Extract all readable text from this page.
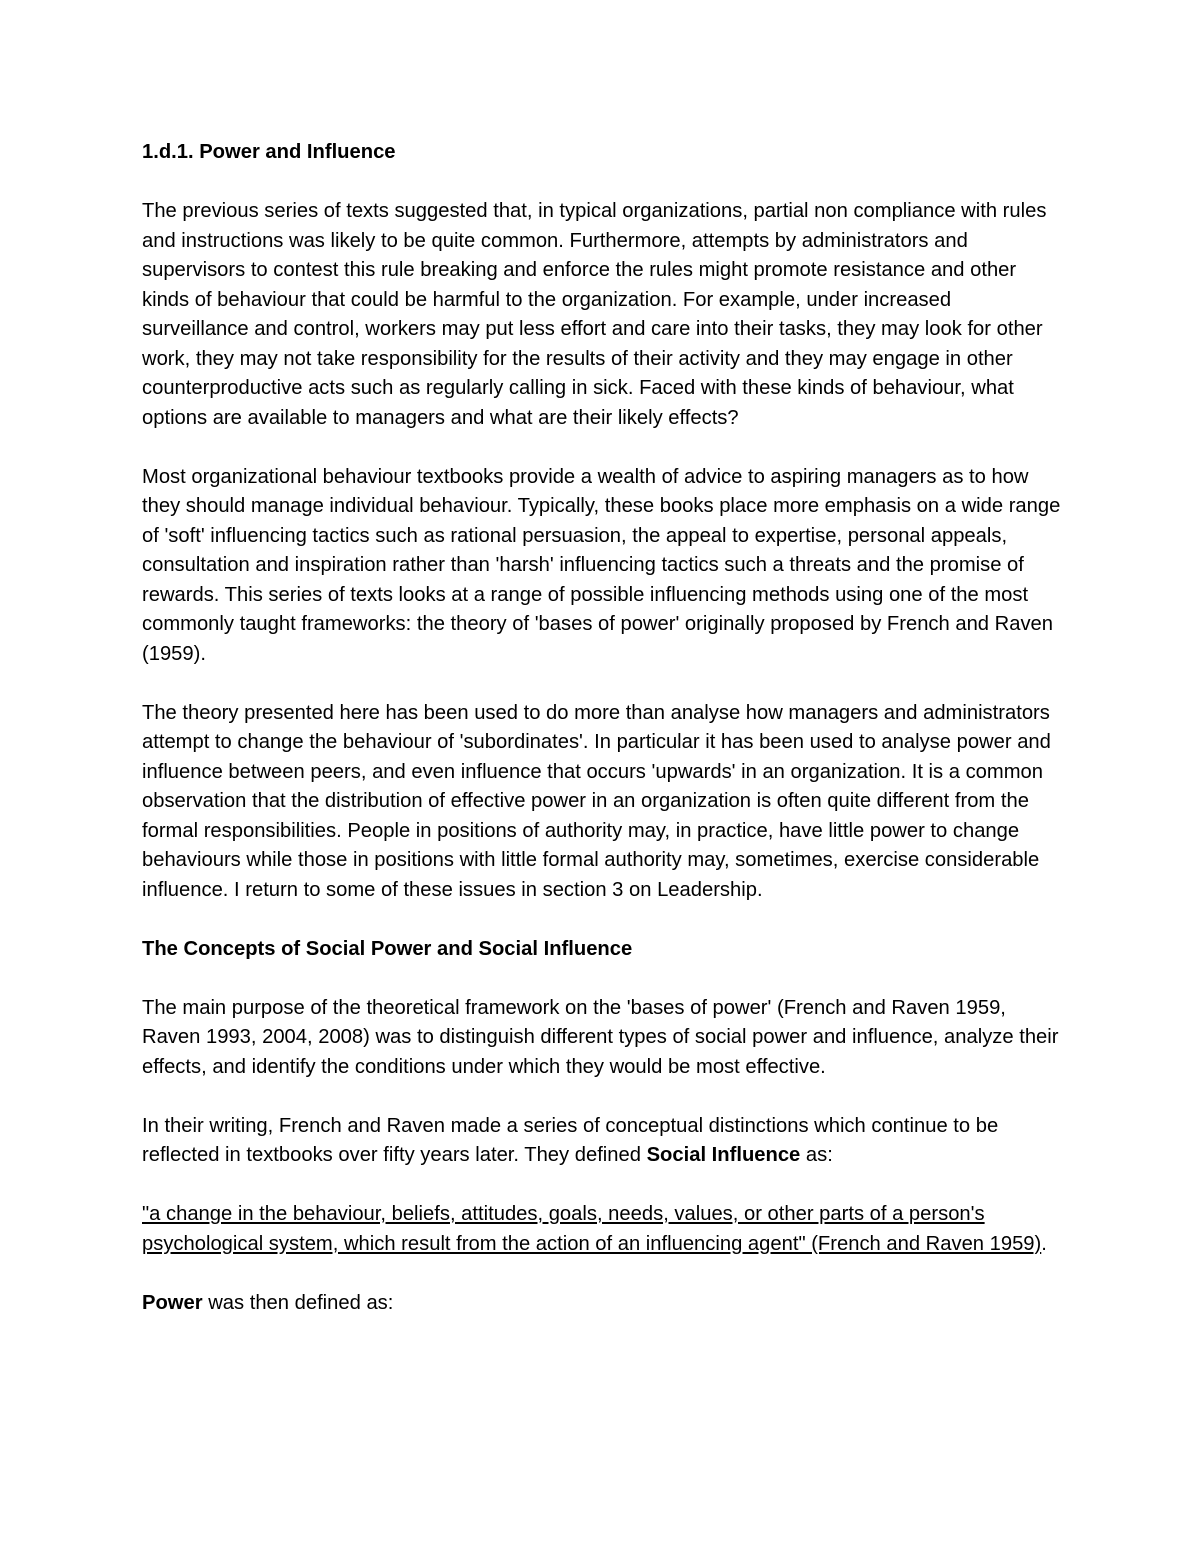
1.d.1. Power and Influence

The previous series of texts suggested that, in typical organizations, partial non compliance with rules and instructions was likely to be quite common. Furthermore, attempts by administrators and supervisors to contest this rule breaking and enforce the rules might promote resistance and other kinds of behaviour that could be harmful to the organization. For example, under increased surveillance and control, workers may put less effort and care into their tasks, they may look for other work, they may not take responsibility for the results of their activity and they may engage in other counterproductive acts such as regularly calling in sick. Faced with these kinds of behaviour, what options are available to managers and what are their likely effects?

Most organizational behaviour textbooks provide a wealth of advice to aspiring managers as to how they should manage individual behaviour. Typically, these books place more emphasis on a wide range of 'soft' influencing tactics such as rational persuasion, the appeal to expertise, personal appeals, consultation and inspiration rather than 'harsh' influencing tactics such a threats and the promise of rewards. This series of texts looks at a range of possible influencing methods using one of the most commonly taught frameworks: the theory of 'bases of power' originally proposed by French and Raven (1959).

The theory presented here has been used to do more than analyse how managers and administrators attempt to change the behaviour of 'subordinates'. In particular it has been used to analyse power and influence between peers, and even influence that occurs 'upwards' in an organization. It is a common observation that the distribution of effective power in an organization is often quite different from the formal responsibilities. People in positions of authority may, in practice, have little power to change behaviours while those in positions with little formal authority may, sometimes, exercise considerable influence. I return to some of these issues in section 3 on Leadership.

The Concepts of Social Power and Social Influence

The main purpose of the theoretical framework on the 'bases of power' (French and Raven 1959, Raven 1993, 2004, 2008) was to distinguish different types of social power and influence, analyze their effects, and identify the conditions under which they would be most effective.

In their writing, French and Raven made a series of conceptual distinctions which continue to be reflected in textbooks over fifty years later. They defined Social Influence as:

"a change in the behaviour, beliefs, attitudes, goals, needs, values, or other parts of a person's psychological system, which result from the action of an influencing agent" (French and Raven 1959).

Power was then defined as:
